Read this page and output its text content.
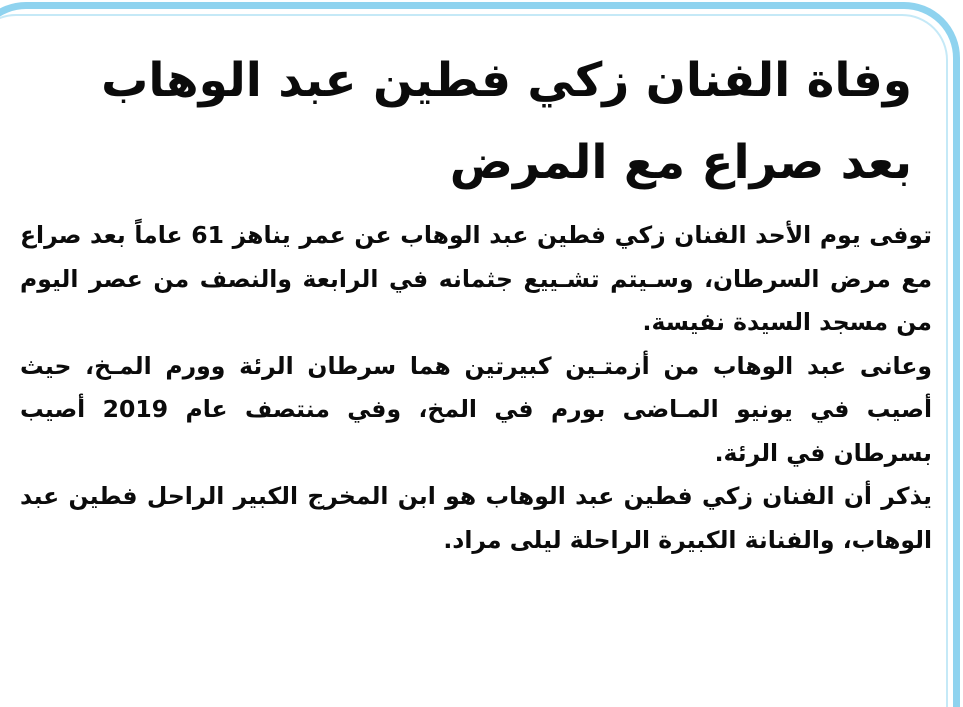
وفاة الفنان زكي فطين عبد الوهاب
بعد صراع مع المرض

توفى يوم الأحد الفنان زكي فطين عبد الوهاب عن عمر يناهز 61 عاماً بعد صراع مع مرض السرطان، وسـيتم تشـييع جثمانه في الرابعة والنصف من عصر اليوم من مسجد السيدة نفيسة.

وعانى عبد الوهاب من أزمتـين كبيرتين هما سرطان الرئة وورم المـخ، حيث أصيب في يونيو المـاضى بورم في المخ، وفي منتصف عام 2019 أصيب بسرطان في الرئة.

يذكر أن الفنان زكي فطين عبد الوهاب هو ابن المخرج الكبير الراحل فطين عبد الوهاب، والفنانة الكبيرة الراحلة ليلى مراد.
